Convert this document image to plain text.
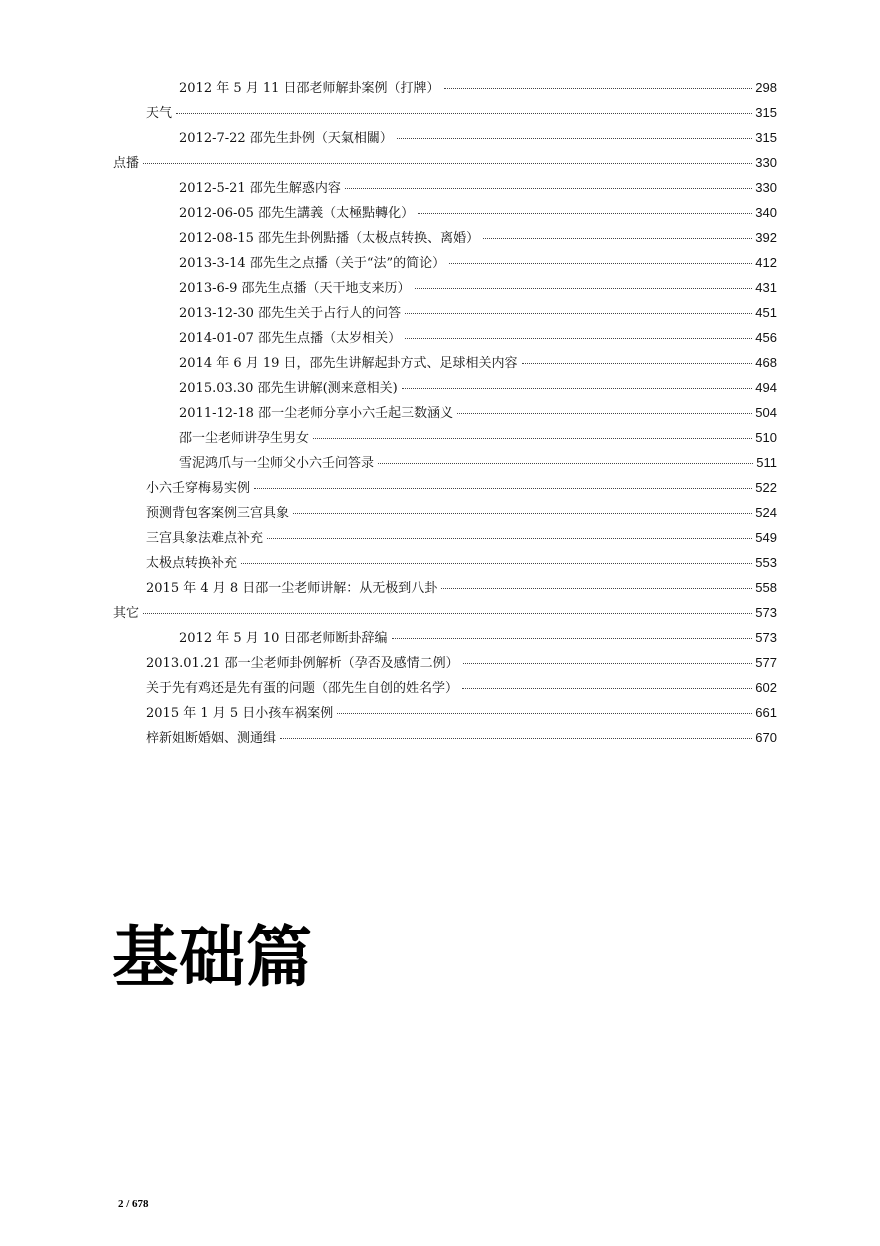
2012 年 5 月 11 日邵老师解卦案例（打牌）	298
天气	315
2012-7-22 邵先生卦例（天氣相關）	315
点播	330
2012-5-21 邵先生解惑内容	330
2012-06-05 邵先生講義（太極點轉化）	340
2012-08-15 邵先生卦例點播（太极点转换、离婚）	392
2013-3-14 邵先生之点播（关于“法”的简论）	412
2013-6-9 邵先生点播（天干地支来历）	431
2013-12-30 邵先生关于占行人的问答	451
2014-01-07 邵先生点播（太岁相关）	456
2014 年 6 月 19 日，邵先生讲解起卦方式、足球相关内容	468
2015.03.30 邵先生讲解(测来意相关)	494
2011-12-18 邵一尘老师分享小六壬起三数涵义	504
邵一尘老师讲孕生男女	510
雪泥鸿爪与一尘师父小六壬问答录	511
小六壬穿梅易实例	522
预测背包客案例三宫具象	524
三宫具象法难点补充	549
太极点转换补充	553
2015 年 4 月 8 日邵一尘老师讲解：从无极到八卦	558
其它	573
2012 年 5 月 10 日邵老师断卦辞编	573
2013.01.21 邵一尘老师卦例解析（孕否及感情二例）	577
关于先有鸡还是先有蛋的问题（邵先生自创的姓名学）	602
2015 年 1 月 5 日小孩车祸案例	661
梓新姐断婚姻、测通缉	670
基础篇
2 / 678
